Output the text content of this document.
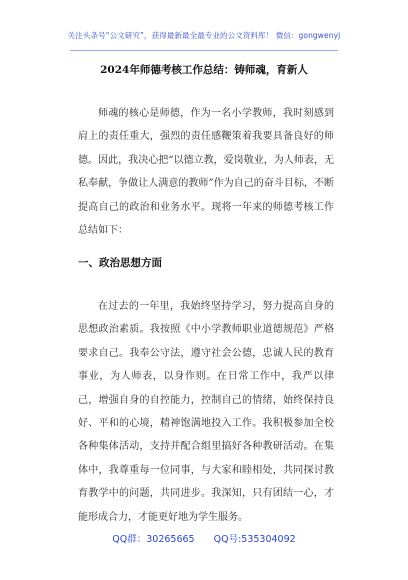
关注头条号“公文研究”，获得最新最全最专业的公文资料库！ 微信：gongwenyj
2024年师德考核工作总结：铸师魂，育新人

师魂的核心是师德，作为一名小学教师，我时刻感到肩上的责任重大，强烈的责任感鞭策着我要具备良好的师德。因此，我决心把“以德立教，爱岗敬业，为人师表，无私奉献，争做让人满意的教师”作为自己的奋斗目标，不断提高自己的政治和业务水平。现将一年来的师德考核工作总结如下：

一、政治思想方面

在过去的一年里，我始终坚持学习，努力提高自身的思想政治素质。我按照《中小学教师职业道德规范》严格要求自己。我奉公守法，遵守社会公德，忠诚人民的教育事业，为人师表，以身作则。在日常工作中，我严以律己，增强自身的自控能力，控制自己的情绪，始终保持良好、平和的心境，精神饱满地投入工作。我积极参加全校各种集体活动，支持并配合组里搞好各种教研活动。在集体中，我尊重每一位同事，与大家和睦相处，共同探讨教育教学中的问题，共同进步。我深知，只有团结一心，才能形成合力，才能更好地为学生服务。

QQ群：30265665 QQ号:535304092
